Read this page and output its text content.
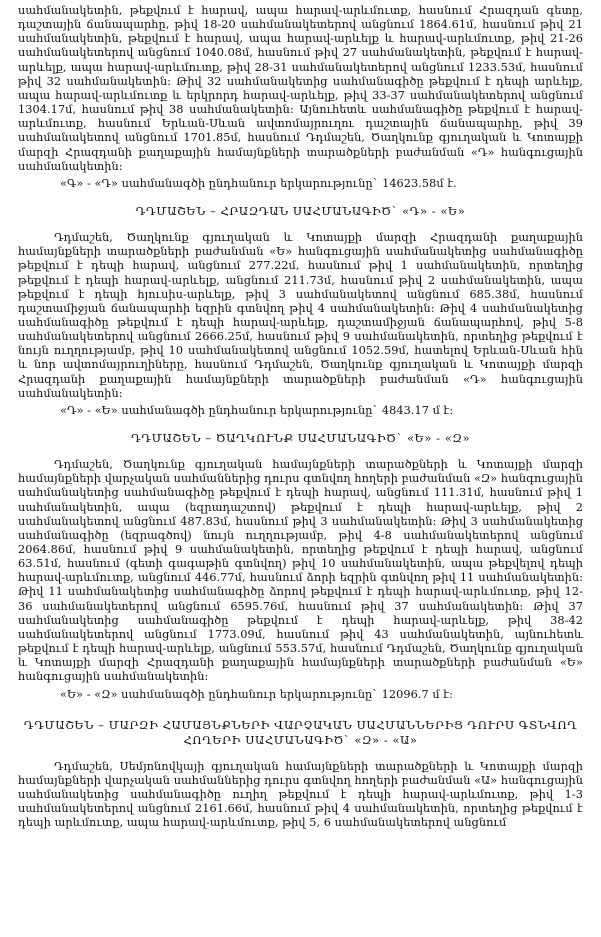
սահմանակետին, թեքվում է հարավ, ապա հարավ-արևմուտք, հասնում Հրազդան գետը, դաշտային ճանապարհը, թիվ 18-20 սահմանակետերով անցնում 1864.61մ, հասնում թիվ 21 սահմանակետին, թեքվում է հարավ, ապա հարավ-արևելք և հարավ-արևմուտք, թիվ 21-26 սահմանակետերով անցնում 1040.08մ, հասնում թիվ 27 սահմանակետին, թեքվում է հարավ-արևելք, ապա հարավ-արևմուտք, թիվ 28-31 սահմանակետերով անցնում 1233.53մ, հասնում թիվ 32 սահմանակետին: Թիվ 32 սահմանակետից սահմանագիծը թեքվում է դեպի արևելք, ապա հարավ-արևմուտք և երկրորդ հարավ-արևելք, թիվ 33-37 սահմանակետերով անցնում 1304.17մ, հասնում թիվ 38 սահմանակետին: Այնուհետև սահմանագիծը թեքվում է հարավ-արևմուտք, հասնում Երևան-Սևան ավտոմայրուղու դաշտային ճանապարհը, թիվ 39 սահմանակետով անցնում 1701.85մ, հասնում Դդմաշեն, Ծաղկունք գյուղական և Կոտայքի մարզի Հրազդանի քաղաքային համայնքների տարածքների բաժանման «Դ» հանգուցային սահմանակետին:

«Գ» - «Դ» սահմանագծի ընդհանուր երկարությունը` 14623.58մ է.

ԴԴՄԱՇԵՆ – ՀՐԱԶԴԱՆ ՍԱՀՄԱՆԱԳԻԾ` «Դ» - «Ե»

Դդմաշեն, Ծաղկունք գյուղական և Կոտայքի մարզի Հրազդանի քաղաքային համայնքների տարածքների բաժանման «Ե» հանգուցային սահմանակետից սահմանագիծը թեքվում է դեպի հարավ, անցնում 277.22մ, հասնում թիվ 1 սահմանակետին, որտեղից թեքվում է դեպի հարավ-արևելք, անցնում 211.73մ, հասնում թիվ 2 սահմանակետին, ապա թեքվում է դեպի հյուսիս-արևելք, թիվ 3 սահմանակետով անցնում 685.38մ, հասնում դաշտամիջյան ճանապարհի եզրին գտնվող թիվ 4 սահմանակետին: Թիվ 4 սահմանակետից սահմանագիծը թեքվում է դեպի հարավ-արևելք, դաշտամիջյան ճանապարհով, թիվ 5-8 սահմանակետերով անցնում 2666.25մ, հասնում թիվ 9 սահմանակետին, որտեղից թեքվում է նույն ուղղությամբ, թիվ 10 սահմանակետով անցնում 1052.59մ, հատելով Երևան-Սևան հին և նոր ավտոմայրուղիները, հասնում Դդմաշեն, Ծաղկունք գյուղական և Կոտայքի մարզի Հրազդանի քաղաքային համայնքների տարածքների բաժանման «Դ» հանգուցային սահմանակետին:

«Դ» - «Ե» սահմանագծի ընդհանուր երկարությունը` 4843.17 մ է:

ԴԴՄԱՇԵՆ – ԾԱՂԿՈՒՆՔ ՍԱՀՄԱՆԱԳԻԾ` «Ե» - «Զ»

Դդմաշեն, Ծաղկունք գյուղական համայնքների տարածքների և Կոտայքի մարզի համայնքների վարչական սահմաններից դուրս գտնվող հողերի բաժանման «Զ» հանգուցային սահմանակետից սահմանագիծը թեքվում է դեպի հարավ, անցնում 111.31մ, հասնում թիվ 1 սահմանակետին, ապա (եզրադաշտով) թեքվում է դեպի հարավ-արևելք, թիվ 2 սահմանակետով անցնում 487.83մ, հասնում թիվ 3 սահմանակետին: Թիվ 3 սահմանակետից սահմանագիծը (եզրագծով) նույն ուղղությամբ, թիվ 4-8 սահմանակետերով անցնում 2064.86մ, հասնում թիվ 9 սահմանակետին, որտեղից թեքվում է դեպի հարավ, անցնում 63.51մ, հասնում (գետի գագաթին գտնվող) թիվ 10 սահմանակետին, ապա թեքվելով դեպի հարավ-արևմուտք, անցնում 446.77մ, հասնում ձորի եզրին գտնվող թիվ 11 սահմանակետին: Թիվ 11 սահմանակետից սահմանագիծը ձորով թեքվում է դեպի հարավ-արևմուտք, թիվ 12-36 սահմանակետերով անցնում 6595.76մ, հասնում թիվ 37 սահմանակետին: Թիվ 37 սահմանակետից սահմանագիծը թեքվում է դեպի հարավ-արևելք, թիվ 38-42 սահմանակետերով անցնում 1773.09մ, հասնում թիվ 43 սահմանակետին, այնուհետև թեքվում է դեպի հարավ-արևելք, անցնում 553.57մ, հասնում Դդմաշեն, Ծաղկունք գյուղական և Կոտայքի մարզի Հրազդանի քաղաքային համայնքների տարածքների բաժանման «Ե» հանգուցային սահմանակետին:

«Ե» - «Զ» սահմանագծի ընդհանուր երկարությունը` 12096.7 մ է:

ԴԴՄԱՇԵՆ – ՄԱՐԶԻ ՀԱՄԱՅՆՔՆԵՐԻ ՎԱՐՉԱԿԱՆ ՍԱՀՄԱՆՆԵՐԻՑ ԴՈՒՐՍ ԳՏՆՎՈՂ ՀՈՂԵՐԻ ՍԱՀՄԱՆԱԳԻԾ` «Զ» - «Ա»

Դդմաշեն, Սեմյոնովկայի գյուղական համայնքների տարածքների և Կոտայքի մարզի համայնքների վարչական սահմաններից դուրս գտնվող հողերի բաժանման «Ա» հանգուցային սահմանակետից սահմանագիծը ուղիղ թեքվում է դեպի հարավ-արևմուտք, թիվ 1-3 սահմանակետերով անցնում 2161.66մ, հասնում թիվ 4 սահմանակետին, որտեղից թեքվում է դեպի արևմուտք, ապա հարավ-արևմուտք, թիվ 5, 6 սահմանակետերով անցնում
